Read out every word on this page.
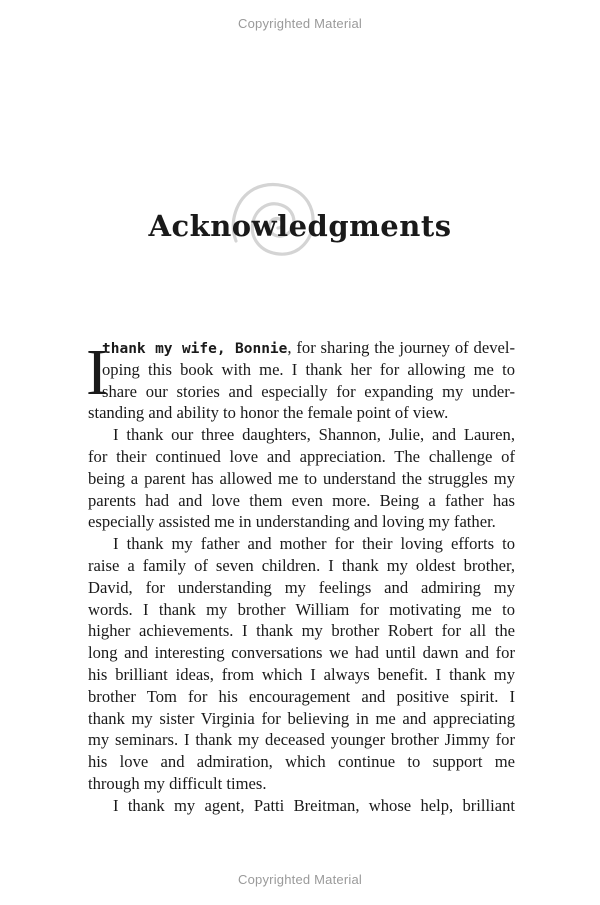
Copyrighted Material
Acknowledgments
I
thank my wife, Bonnie, for sharing the journey of devel-
oping this book with me. I thank her for allowing me to
share our stories and especially for expanding my under-
standing and ability to honor the female point of view.
I thank our three daughters, Shannon, Julie, and Lauren,
for their continued love and appreciation. The challenge of
being a parent has allowed me to understand the struggles my
parents had and love them even more. Being a father has
especially assisted me in understanding and loving my father.
I thank my father and mother for their loving efforts to
raise a family of seven children. I thank my oldest brother,
David, for understanding my feelings and admiring my
words. I thank my brother William for motivating me to
higher achievements. I thank my brother Robert for all the
long and interesting conversations we had until dawn and for
his brilliant ideas, from which I always benefit. I thank my
brother Tom for his encouragement and positive spirit. I
thank my sister Virginia for believing in me and appreciating
my seminars. I thank my deceased younger brother Jimmy for
his love and admiration, which continue to support me
through my difficult times.
I thank my agent, Patti Breitman, whose help, brilliant
Copyrighted Material
